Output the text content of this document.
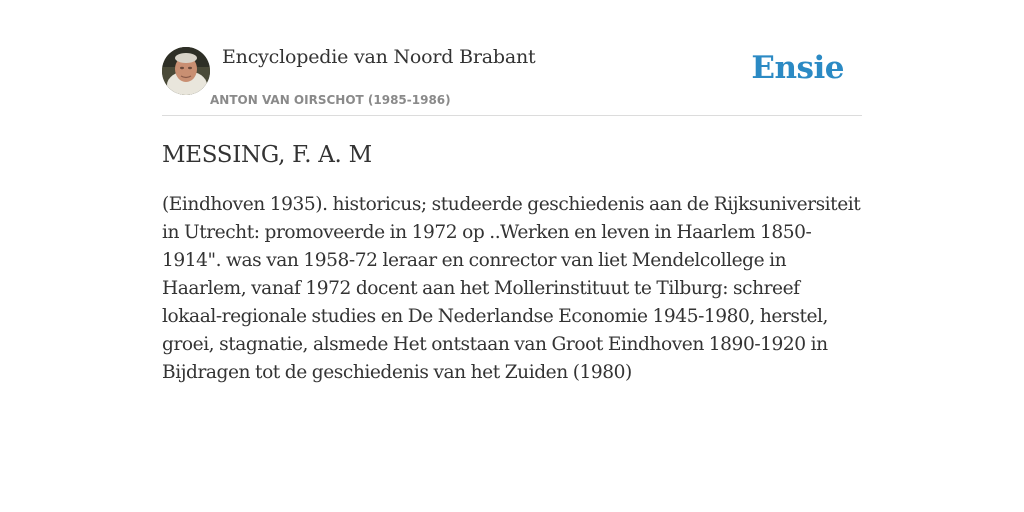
Encyclopedie van Noord Brabant
ANTON VAN OIRSCHOT (1985-1986)
Ensie
MESSING, F. A. M

(Eindhoven 1935). historicus; studeerde geschiedenis aan de Rijksuniversiteit in Utrecht: promoveerde in 1972 op ..Werken en leven in Haarlem 1850-1914". was van 1958-72 leraar en conrector van liet Mendelcollege in Haarlem, vanaf 1972 docent aan het Mollerinstituut te Tilburg: schreef lokaal-regionale studies en De Nederlandse Economie 1945-1980, herstel, groei, stagnatie, alsmede Het ontstaan van Groot Eindhoven 1890-1920 in Bijdragen tot de geschiedenis van het Zuiden (1980)
